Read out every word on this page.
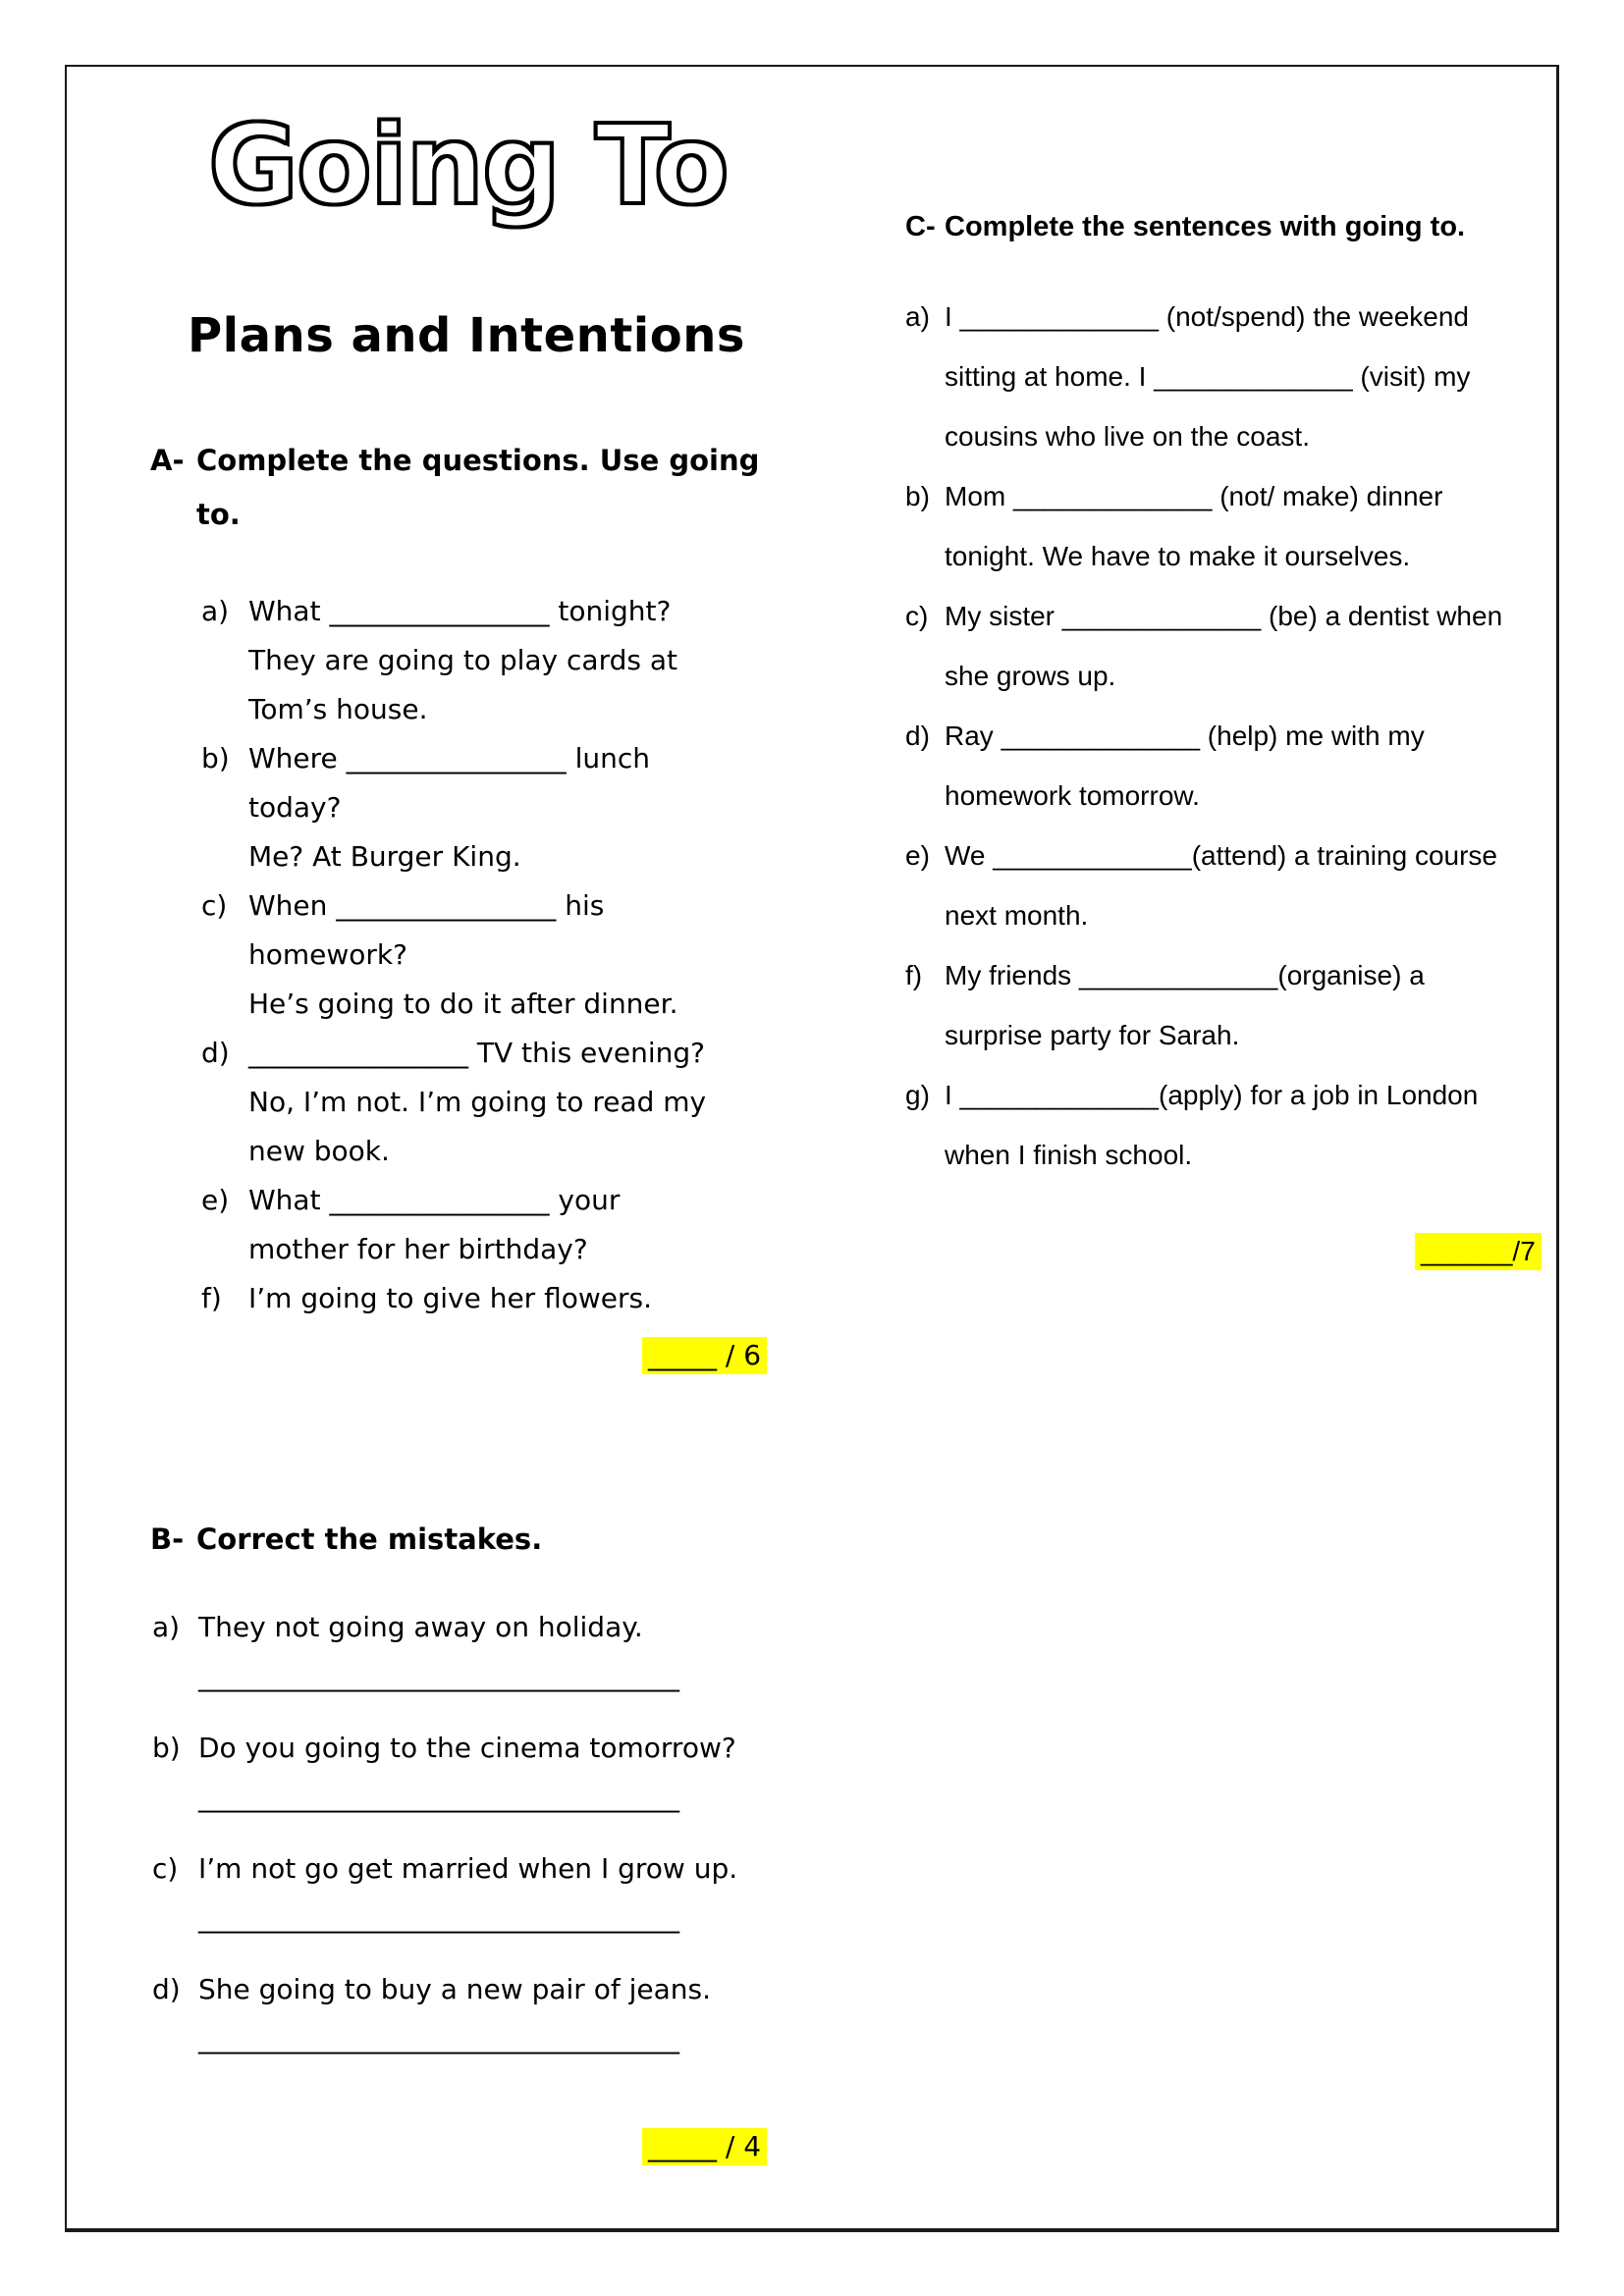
Going To
Plans and Intentions
A- Complete the questions. Use going to.
a) What ________________ tonight?
They are going to play cards at
Tom’s house.
b) Where ________________ lunch
today?
Me? At Burger King.
c) When ________________ his
homework?
He’s going to do it after dinner.
d) ________________ TV this evening?
No, I’m not. I’m going to read my
new book.
e) What ________________ your
mother for her birthday?
f) I’m going to give her flowers.
_____ / 6
B- Correct the mistakes.
a) They not going away on holiday.
___________________________________
b) Do you going to the cinema tomorrow?
___________________________________
c) I’m not go get married when I grow up.
___________________________________
d) She going to buy a new pair of jeans.
___________________________________
_____ / 4
C- Complete the sentences with going to.
a) I _____________ (not/spend) the weekend
sitting at home. I _____________ (visit) my
cousins who live on the coast.
b) Mom _____________ (not/ make) dinner
tonight. We have to make it ourselves.
c) My sister _____________ (be) a dentist when
she grows up.
d) Ray _____________ (help) me with my
homework tomorrow.
e) We _____________(attend) a training course
next month.
f) My friends _____________(organise) a
surprise party for Sarah.
g) I _____________(apply) for a job in London
when I finish school.
______/7
